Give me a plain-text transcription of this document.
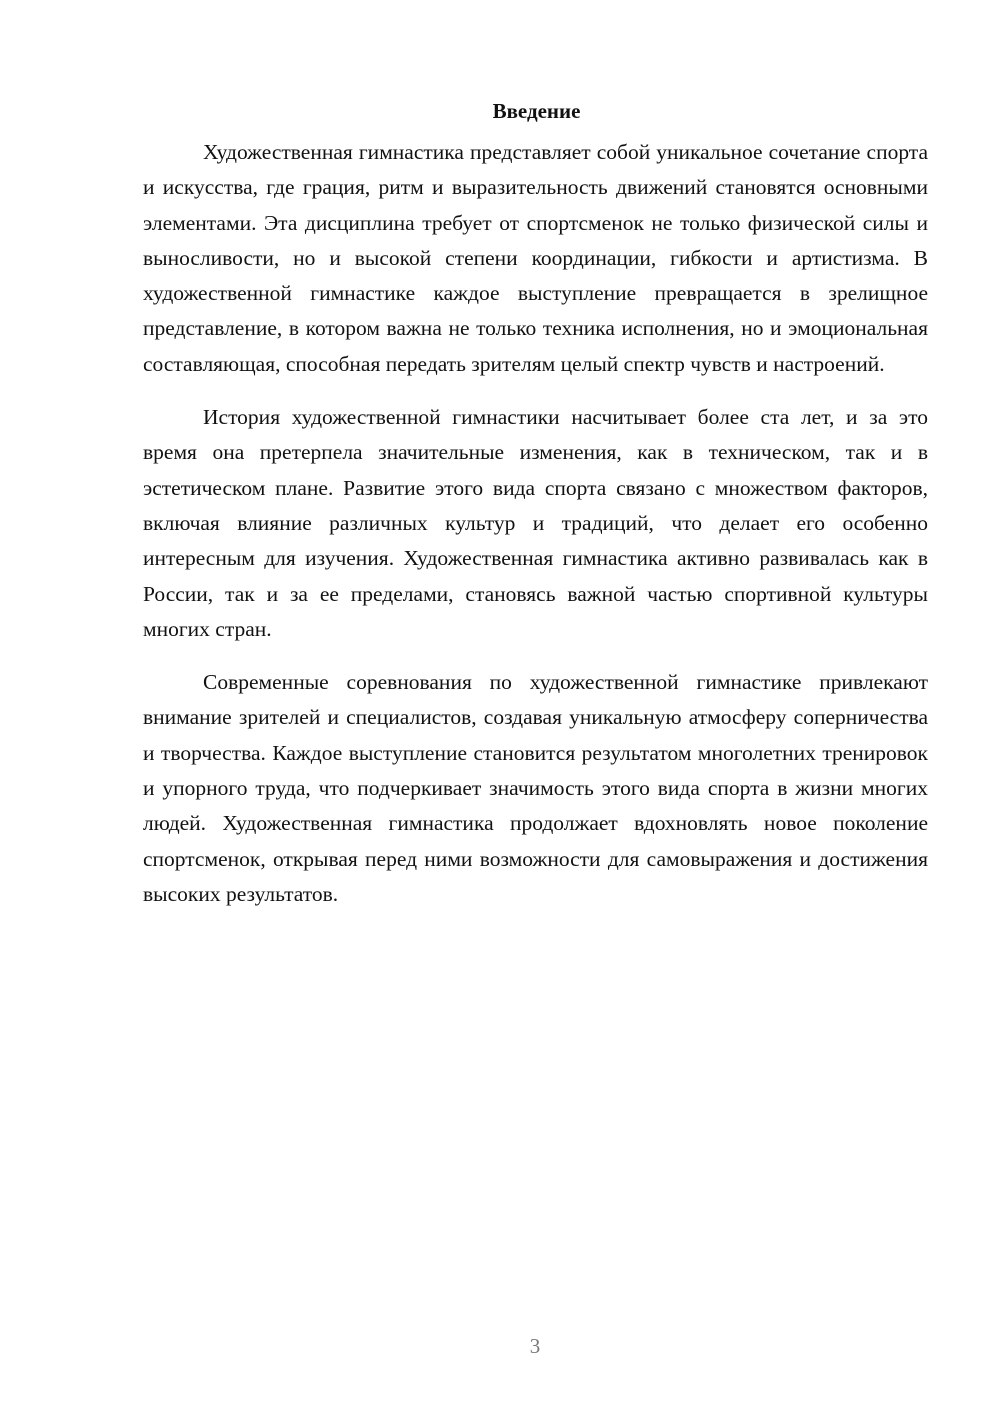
Введение

Художественная гимнастика представляет собой уникальное сочетание спорта и искусства, где грация, ритм и выразительность движений становятся основными элементами. Эта дисциплина требует от спортсменок не только физической силы и выносливости, но и высокой степени координации, гибкости и артистизма. В художественной гимнастике каждое выступление превращается в зрелищное представление, в котором важна не только техника исполнения, но и эмоциональная составляющая, способная передать зрителям целый спектр чувств и настроений.

История художественной гимнастики насчитывает более ста лет, и за это время она претерпела значительные изменения, как в техническом, так и в эстетическом плане. Развитие этого вида спорта связано с множеством факторов, включая влияние различных культур и традиций, что делает его особенно интересным для изучения. Художественная гимнастика активно развивалась как в России, так и за ее пределами, становясь важной частью спортивной культуры многих стран.

Современные соревнования по художественной гимнастике привлекают внимание зрителей и специалистов, создавая уникальную атмосферу соперничества и творчества. Каждое выступление становится результатом многолетних тренировок и упорного труда, что подчеркивает значимость этого вида спорта в жизни многих людей. Художественная гимнастика продолжает вдохновлять новое поколение спортсменок, открывая перед ними возможности для самовыражения и достижения высоких результатов.

3
